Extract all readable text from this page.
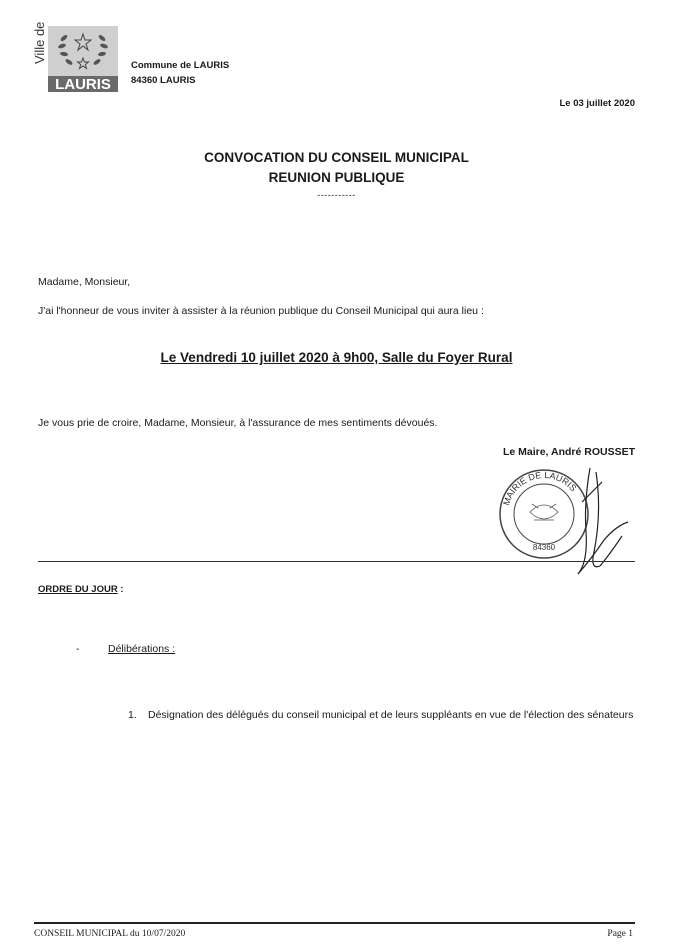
Ville de
LAURIS
Commune de LAURIS
84360 LAURIS
Le 03 juillet 2020
CONVOCATION DU CONSEIL MUNICIPAL
REUNION PUBLIQUE
-----------
Madame, Monsieur,
J'ai l'honneur de vous inviter à assister à la réunion publique du Conseil Municipal qui aura lieu :
Le Vendredi 10 juillet 2020 à 9h00, Salle du Foyer Rural
Je vous prie de croire, Madame, Monsieur, à l'assurance de mes sentiments dévoués.
Le Maire, André ROUSSET
MAIRIE DE LAURIS
84360
ORDRE DU JOUR :
-	Délibérations :
1. Désignation des délégués du conseil municipal et de leurs suppléants en vue de l'élection des sénateurs
CONSEIL MUNICIPAL du 10/07/2020	Page 1
